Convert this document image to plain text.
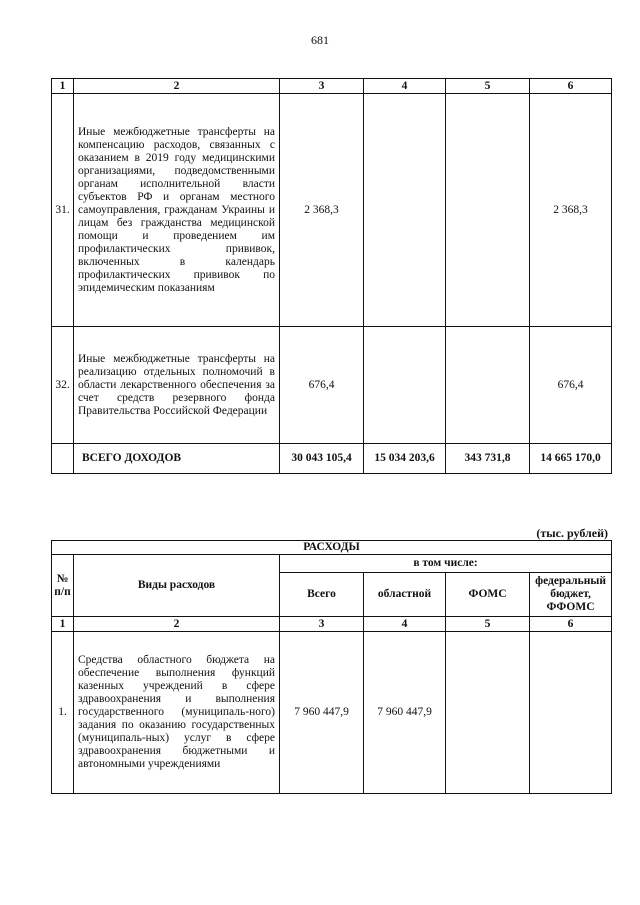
681
1	2	3	4	5	6
31.	Иные межбюджетные трансферты на компенсацию расходов, связанных с оказанием в 2019 году медицинскими организациями, подведомственными органам исполнительной власти субъектов РФ и органам местного самоуправления, гражданам Украины и лицам без гражданства медицинской помощи и проведением им профилактических прививок, включенных в календарь профилактических прививок по эпидемическим показаниям	2 368,3			2 368,3
32.	Иные межбюджетные трансферты на реализацию отдельных полномочий в области лекарственного обеспечения за счет средств резервного фонда Правительства Российской Федерации	676,4			676,4
	ВСЕГО ДОХОДОВ	30 043 105,4	15 034 203,6	343 731,8	14 665 170,0
(тыс. рублей)
РАСХОДЫ					
№ п/п	Виды расходов	в том числе:			
		Всего	областной	ФОМС	федеральный бюджет, ФФОМС
1	2	3	4	5	6
1.	Средства областного бюджета на обеспечение выполнения функций казенных учреждений в сфере здравоохранения и выполнения государственного (муниципаль-ного) задания по оказанию государственных (муниципаль-ных) услуг в сфере здравоохранения бюджетными и автономными учреждениями	7 960 447,9	7 960 447,9		
